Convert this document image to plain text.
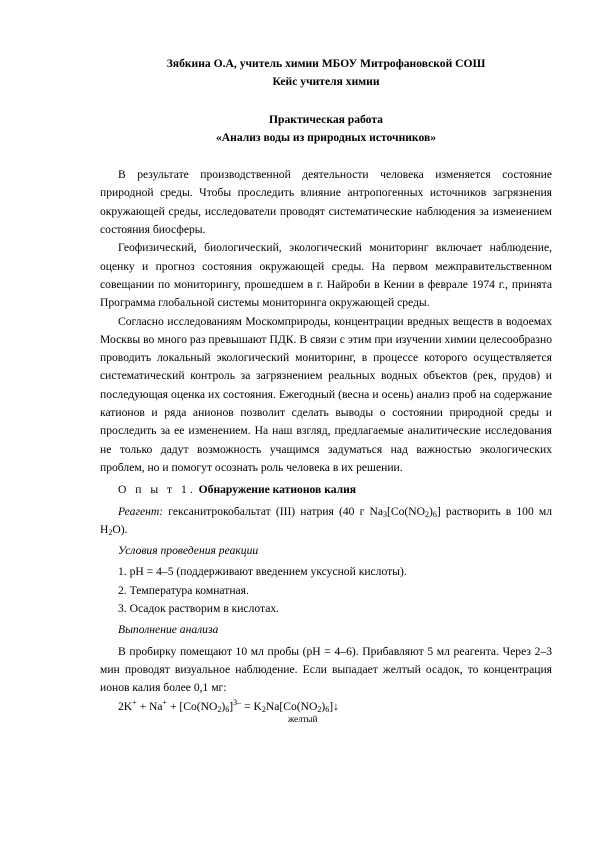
Зябкина О.А, учитель химии МБОУ Митрофановской СОШ

Кейс учителя химии

Практическая работа

«Анализ воды из природных источников»

В результате производственной деятельности человека изменяется состояние природной среды. Чтобы проследить влияние антропогенных источников загрязнения окружающей среды, исследователи проводят систематические наблюдения за изменением состояния биосферы.

Геофизический, биологический, экологический мониторинг включает наблюдение, оценку и прогноз состояния окружающей среды. На первом межправительственном совещании по мониторингу, прошедшем в г. Найроби в Кении в феврале 1974 г., принята Программа глобальной системы мониторинга окружающей среды.

Согласно исследованиям Москомприроды, концентрации вредных веществ в водоемах Москвы во много раз превышают ПДК. В связи с этим при изучении химии целесообразно проводить локальный экологический мониторинг, в процессе которого осуществляется систематический контроль за загрязнением реальных водных объектов (рек, прудов) и последующая оценка их состояния. Ежегодный (весна и осень) анализ проб на содержание катионов и ряда анионов позволит сделать выводы о состоянии природной среды и проследить за ее изменением. На наш взгляд, предлагаемые аналитические исследования не только дадут возможность учащимся задуматься над важностью экологических проблем, но и помогут осознать роль человека в их решении.

О п ы т 1. Обнаружение катионов калия

Реагент: гексанитрокобальтат (III) натрия (40 г $Na_3[Co(NO_2)_6]$ растворить в 100 мл $H_2O$).

Условия проведения реакции

1. рН = 4–5 (поддерживают введением уксусной кислоты).

2. Температура комнатная.

3. Осадок растворим в кислотах.

Выполнение анализа

В пробирку помещают 10 мл пробы (рН = 4–6). Прибавляют 5 мл реагента. Через 2–3 мин проводят визуальное наблюдение. Если выпадает желтый осадок, то концентрация ионов калия более 0,1 мг:

$2K^+ + Na^+ + [Co(NO_2)_6]^{3-}$ = $K_2Na[Co(NO_2)_6]↓$

желтый
